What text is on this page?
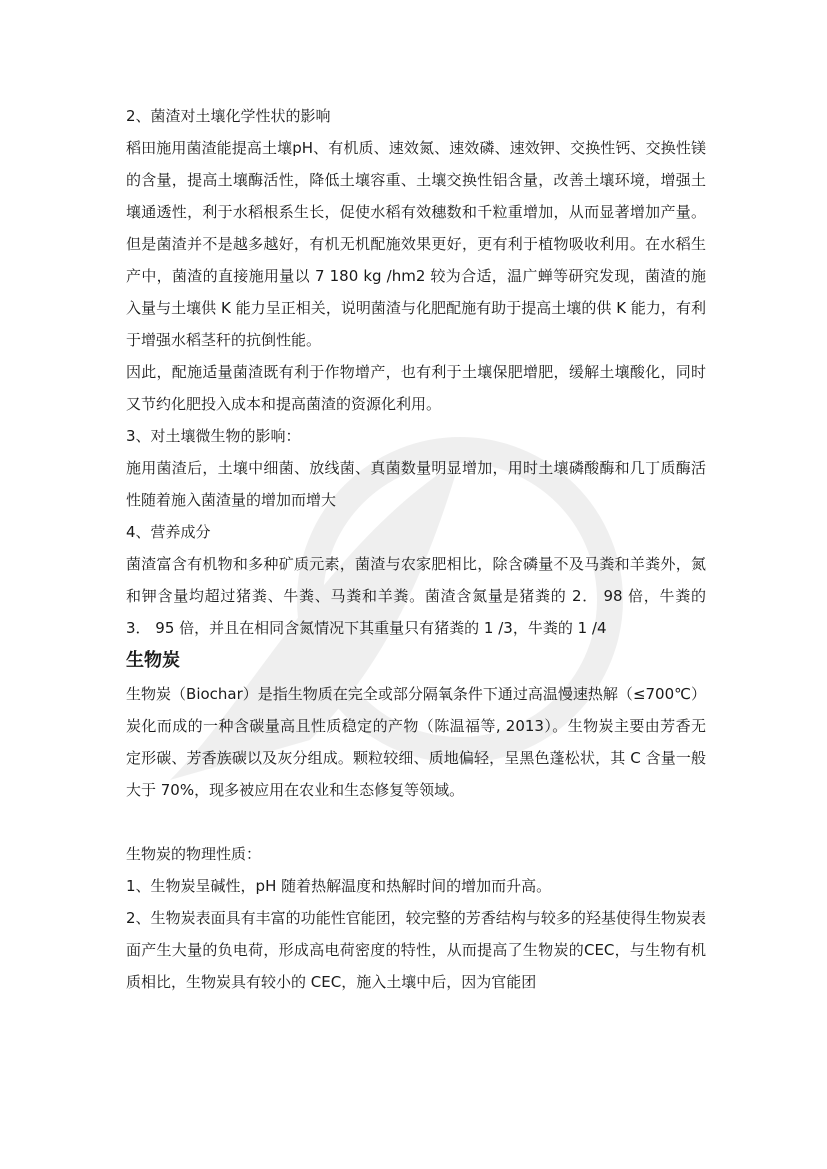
2、菌渣对土壤化学性状的影响

稻田施用菌渣能提高土壤pH、有机质、速效氮、速效磷、速效钾、交换性钙、交换性镁的含量，提高土壤酶活性，降低土壤容重、土壤交换性铝含量，改善土壤环境，增强土壤通透性，利于水稻根系生长，促使水稻有效穗数和千粒重增加，从而显著增加产量。但是菌渣并不是越多越好，有机无机配施效果更好，更有利于植物吸收利用。在水稻生产中，菌渣的直接施用量以 7 180 kg /hm2 较为合适，温广蝉等研究发现，菌渣的施入量与土壤供 K 能力呈正相关，说明菌渣与化肥配施有助于提高土壤的供 K 能力，有利于增强水稻茎秆的抗倒性能。

因此，配施适量菌渣既有利于作物增产，也有利于土壤保肥增肥，缓解土壤酸化，同时又节约化肥投入成本和提高菌渣的资源化利用。

3、对土壤微生物的影响：

施用菌渣后，土壤中细菌、放线菌、真菌数量明显增加，用时土壤磷酸酶和几丁质酶活性随着施入菌渣量的增加而增大

4、营养成分

菌渣富含有机物和多种矿质元素，菌渣与农家肥相比，除含磷量不及马粪和羊粪外，氮和钾含量均超过猪粪、牛粪、马粪和羊粪。菌渣含氮量是猪粪的 2． 98 倍，牛粪的 3． 95 倍，并且在相同含氮情况下其重量只有猪粪的 1 /3，牛粪的 1 /4

生物炭

生物炭（Biochar）是指生物质在完全或部分隔氧条件下通过高温慢速热解（≤700℃）炭化而成的一种含碳量高且性质稳定的产物（陈温福等, 2013）。生物炭主要由芳香无定形碳、芳香族碳以及灰分组成。颗粒较细、质地偏轻，呈黑色蓬松状，其 C 含量一般大于 70%，现多被应用在农业和生态修复等领域。

生物炭的物理性质：

1、生物炭呈碱性，pH 随着热解温度和热解时间的增加而升高。

2、生物炭表面具有丰富的功能性官能团，较完整的芳香结构与较多的羟基使得生物炭表面产生大量的负电荷，形成高电荷密度的特性，从而提高了生物炭的CEC，与生物有机质相比，生物炭具有较小的 CEC，施入土壤中后，因为官能团
